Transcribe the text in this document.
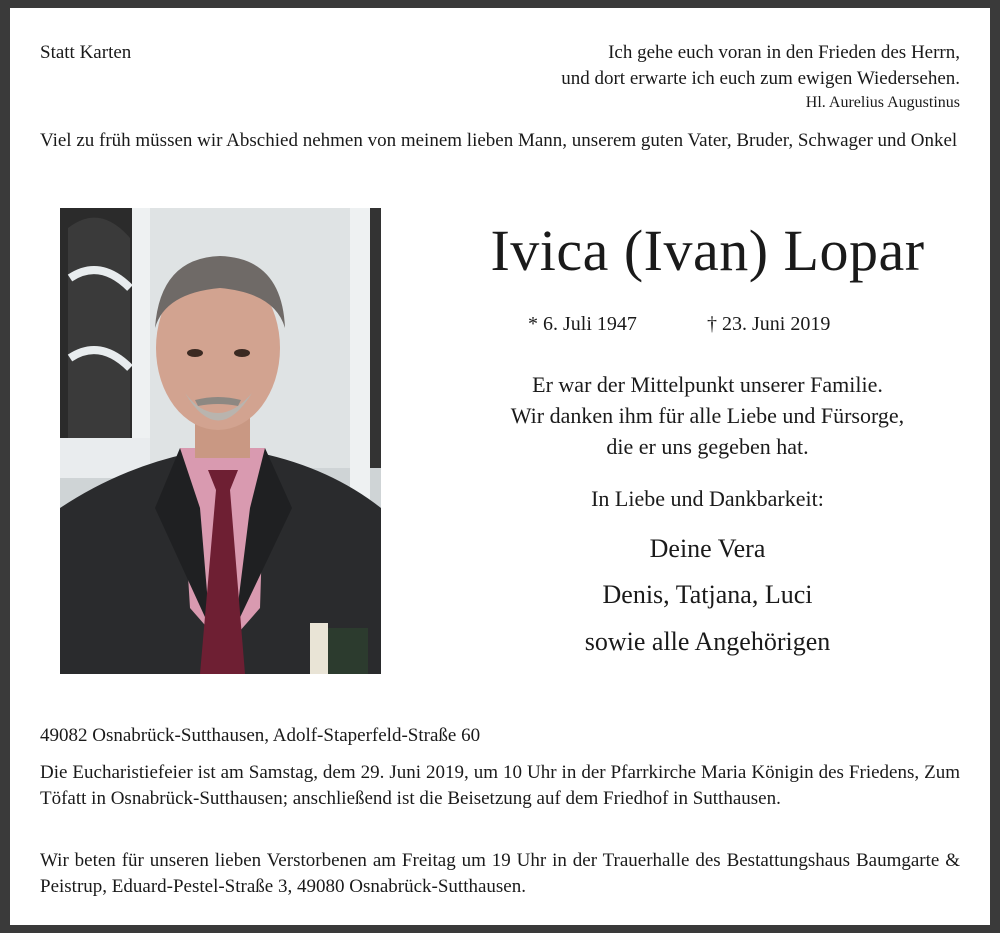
Statt Karten	Ich gehe euch voran in den Frieden des Herrn,
und dort erwarte ich euch zum ewigen Wiedersehen.
Hl. Aurelius Augustinus
Viel zu früh müssen wir Abschied nehmen von meinem lieben Mann, unserem guten Vater, Bruder, Schwager und Onkel
Ivica (Ivan) Lopar
* 6. Juli 1947	† 23. Juni 2019
Er war der Mittelpunkt unserer Familie.
Wir danken ihm für alle Liebe und Fürsorge,
die er uns gegeben hat.
In Liebe und Dankbarkeit:
Deine Vera
Denis, Tatjana, Luci
sowie alle Angehörigen
49082 Osnabrück-Sutthausen, Adolf-Staperfeld-Straße 60
Die Eucharistiefeier ist am Samstag, dem 29. Juni 2019, um 10 Uhr in der Pfarrkirche Maria Königin des Friedens, Zum Töfatt in Osnabrück-Sutthausen; anschließend ist die Beisetzung auf dem Friedhof in Sutthausen.
Wir beten für unseren lieben Verstorbenen am Freitag um 19 Uhr in der Trauerhalle des Bestattungshaus Baumgarte & Peistrup, Eduard-Pestel-Straße 3, 49080 Osnabrück-Sutthausen.
